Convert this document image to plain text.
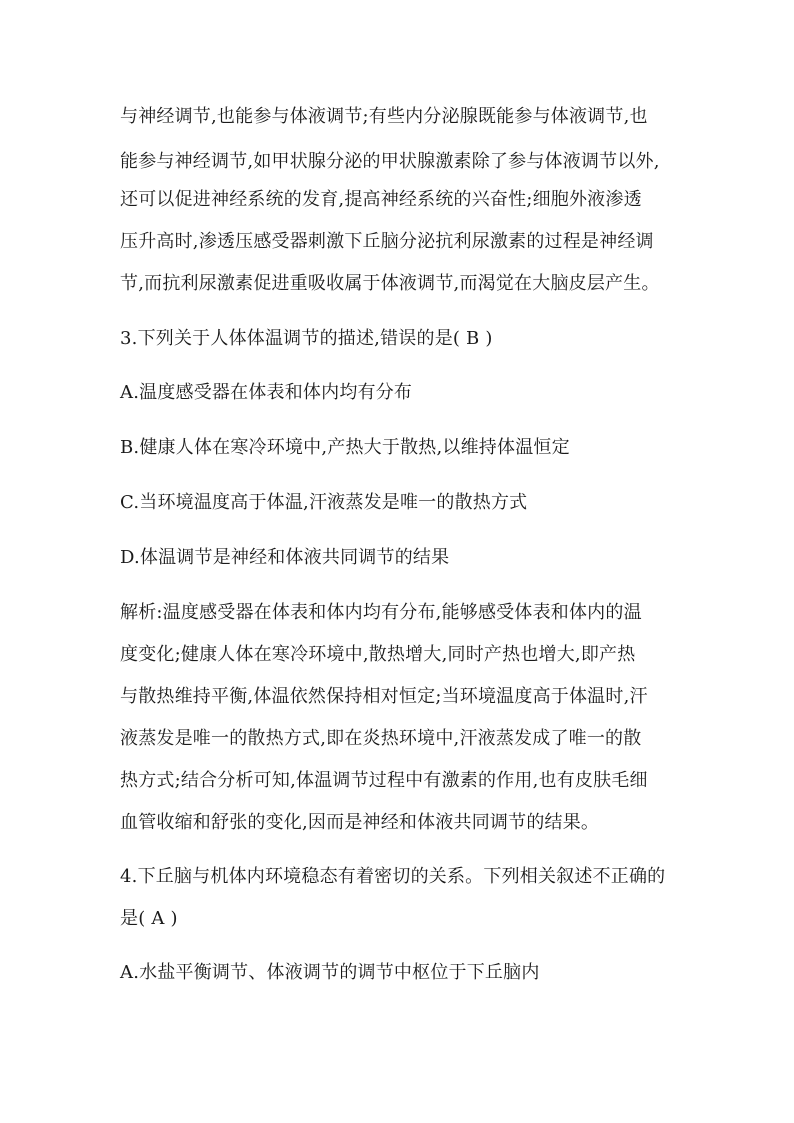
与神经调节,也能参与体液调节;有些内分泌腺既能参与体液调节,也
能参与神经调节,如甲状腺分泌的甲状腺激素除了参与体液调节以外,
还可以促进神经系统的发育,提高神经系统的兴奋性;细胞外液渗透
压升高时,渗透压感受器刺激下丘脑分泌抗利尿激素的过程是神经调
节,而抗利尿激素促进重吸收属于体液调节,而渴觉在大脑皮层产生。
3.下列关于人体体温调节的描述,错误的是( B )
A.温度感受器在体表和体内均有分布
B.健康人体在寒冷环境中,产热大于散热,以维持体温恒定
C.当环境温度高于体温,汗液蒸发是唯一的散热方式
D.体温调节是神经和体液共同调节的结果
解析:温度感受器在体表和体内均有分布,能够感受体表和体内的温
度变化;健康人体在寒冷环境中,散热增大,同时产热也增大,即产热
与散热维持平衡,体温依然保持相对恒定;当环境温度高于体温时,汗
液蒸发是唯一的散热方式,即在炎热环境中,汗液蒸发成了唯一的散
热方式;结合分析可知,体温调节过程中有激素的作用,也有皮肤毛细
血管收缩和舒张的变化,因而是神经和体液共同调节的结果。
4.下丘脑与机体内环境稳态有着密切的关系。下列相关叙述不正确的
是( A )
A.水盐平衡调节、体液调节的调节中枢位于下丘脑内
